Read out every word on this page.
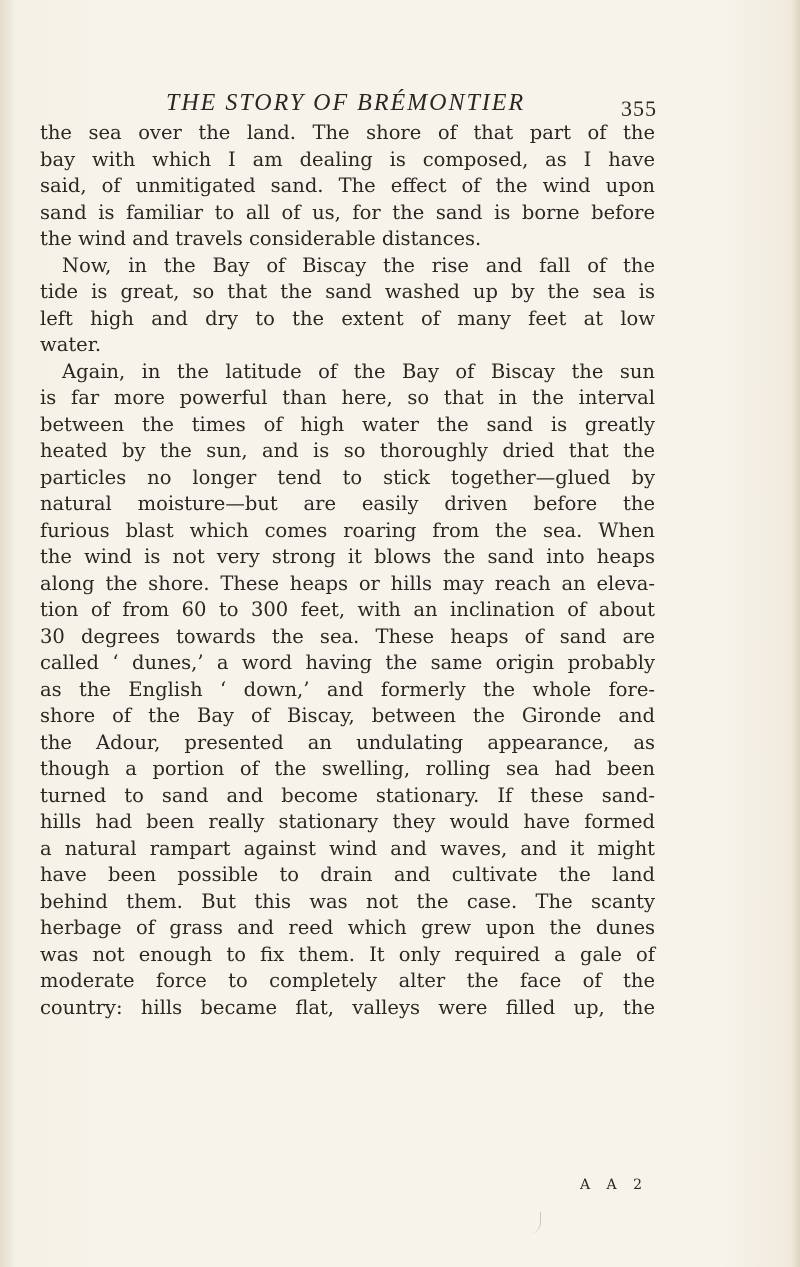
THE STORY OF BRÉMONTIER	355
the sea over the land. The shore of that part of the
bay with which I am dealing is composed, as I have
said, of unmitigated sand. The effect of the wind upon
sand is familiar to all of us, for the sand is borne before
the wind and travels considerable distances.
Now, in the Bay of Biscay the rise and fall of the
tide is great, so that the sand washed up by the sea is
left high and dry to the extent of many feet at low
water.
Again, in the latitude of the Bay of Biscay the sun
is far more powerful than here, so that in the interval
between the times of high water the sand is greatly
heated by the sun, and is so thoroughly dried that the
particles no longer tend to stick together—glued by
natural moisture—but are easily driven before the
furious blast which comes roaring from the sea. When
the wind is not very strong it blows the sand into heaps
along the shore. These heaps or hills may reach an eleva-
tion of from 60 to 300 feet, with an inclination of about
30 degrees towards the sea. These heaps of sand are
called ‘ dunes,’ a word having the same origin probably
as the English ‘ down,’ and formerly the whole fore-
shore of the Bay of Biscay, between the Gironde and
the Adour, presented an undulating appearance, as
though a portion of the swelling, rolling sea had been
turned to sand and become stationary. If these sand-
hills had been really stationary they would have formed
a natural rampart against wind and waves, and it might
have been possible to drain and cultivate the land
behind them. But this was not the case. The scanty
herbage of grass and reed which grew upon the dunes
was not enough to fix them. It only required a gale of
moderate force to completely alter the face of the
country: hills became flat, valleys were filled up, the
A A 2
